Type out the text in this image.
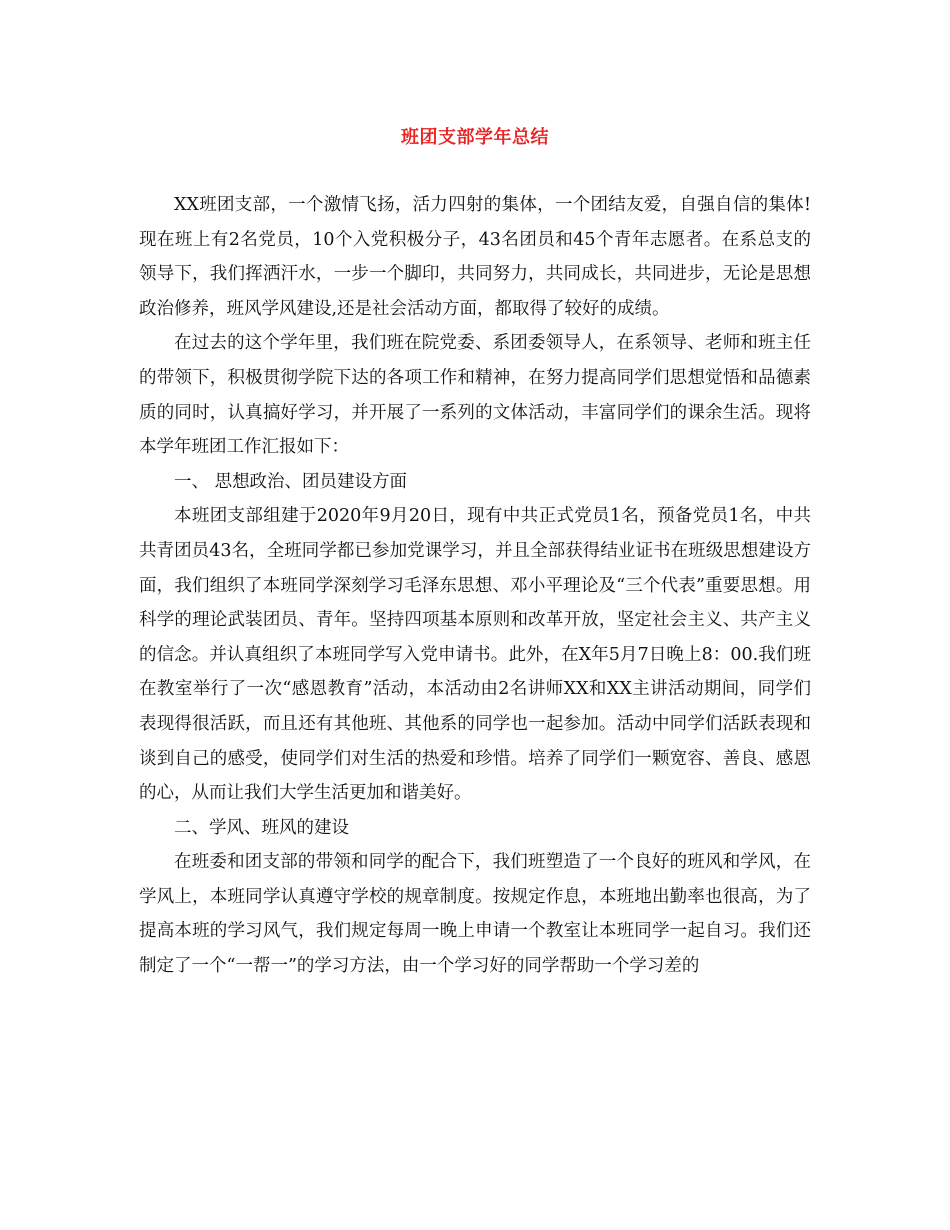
班团支部学年总结

XX班团支部，一个激情飞扬，活力四射的集体，一个团结友爱，自强自信的集体!现在班上有2名党员，10个入党积极分子，43名团员和45个青年志愿者。在系总支的领导下，我们挥洒汗水，一步一个脚印，共同努力，共同成长，共同进步，无论是思想政治修养，班风学风建设,还是社会活动方面，都取得了较好的成绩。

在过去的这个学年里，我们班在院党委、系团委领导人，在系领导、老师和班主任的带领下，积极贯彻学院下达的各项工作和精神，在努力提高同学们思想觉悟和品德素质的同时，认真搞好学习，并开展了一系列的文体活动，丰富同学们的课余生活。现将本学年班团工作汇报如下：

一、 思想政治、团员建设方面

本班团支部组建于2020年9月20日，现有中共正式党员1名，预备党员1名，中共共青团员43名，全班同学都已参加党课学习，并且全部获得结业证书在班级思想建设方面，我们组织了本班同学深刻学习毛泽东思想、邓小平理论及“三个代表”重要思想。用科学的理论武装团员、青年。坚持四项基本原则和改革开放，坚定社会主义、共产主义的信念。并认真组织了本班同学写入党申请书。此外，在X年5月7日晚上8：00.我们班在教室举行了一次“感恩教育”活动，本活动由2名讲师XX和XX主讲活动期间，同学们表现得很活跃，而且还有其他班、其他系的同学也一起参加。活动中同学们活跃表现和谈到自己的感受，使同学们对生活的热爱和珍惜。培养了同学们一颗宽容、善良、感恩的心，从而让我们大学生活更加和谐美好。

二、学风、班风的建设

在班委和团支部的带领和同学的配合下，我们班塑造了一个良好的班风和学风，在学风上，本班同学认真遵守学校的规章制度。按规定作息，本班地出勤率也很高，为了提高本班的学习风气，我们规定每周一晚上申请一个教室让本班同学一起自习。我们还制定了一个“一帮一”的学习方法，由一个学习好的同学帮助一个学习差的
